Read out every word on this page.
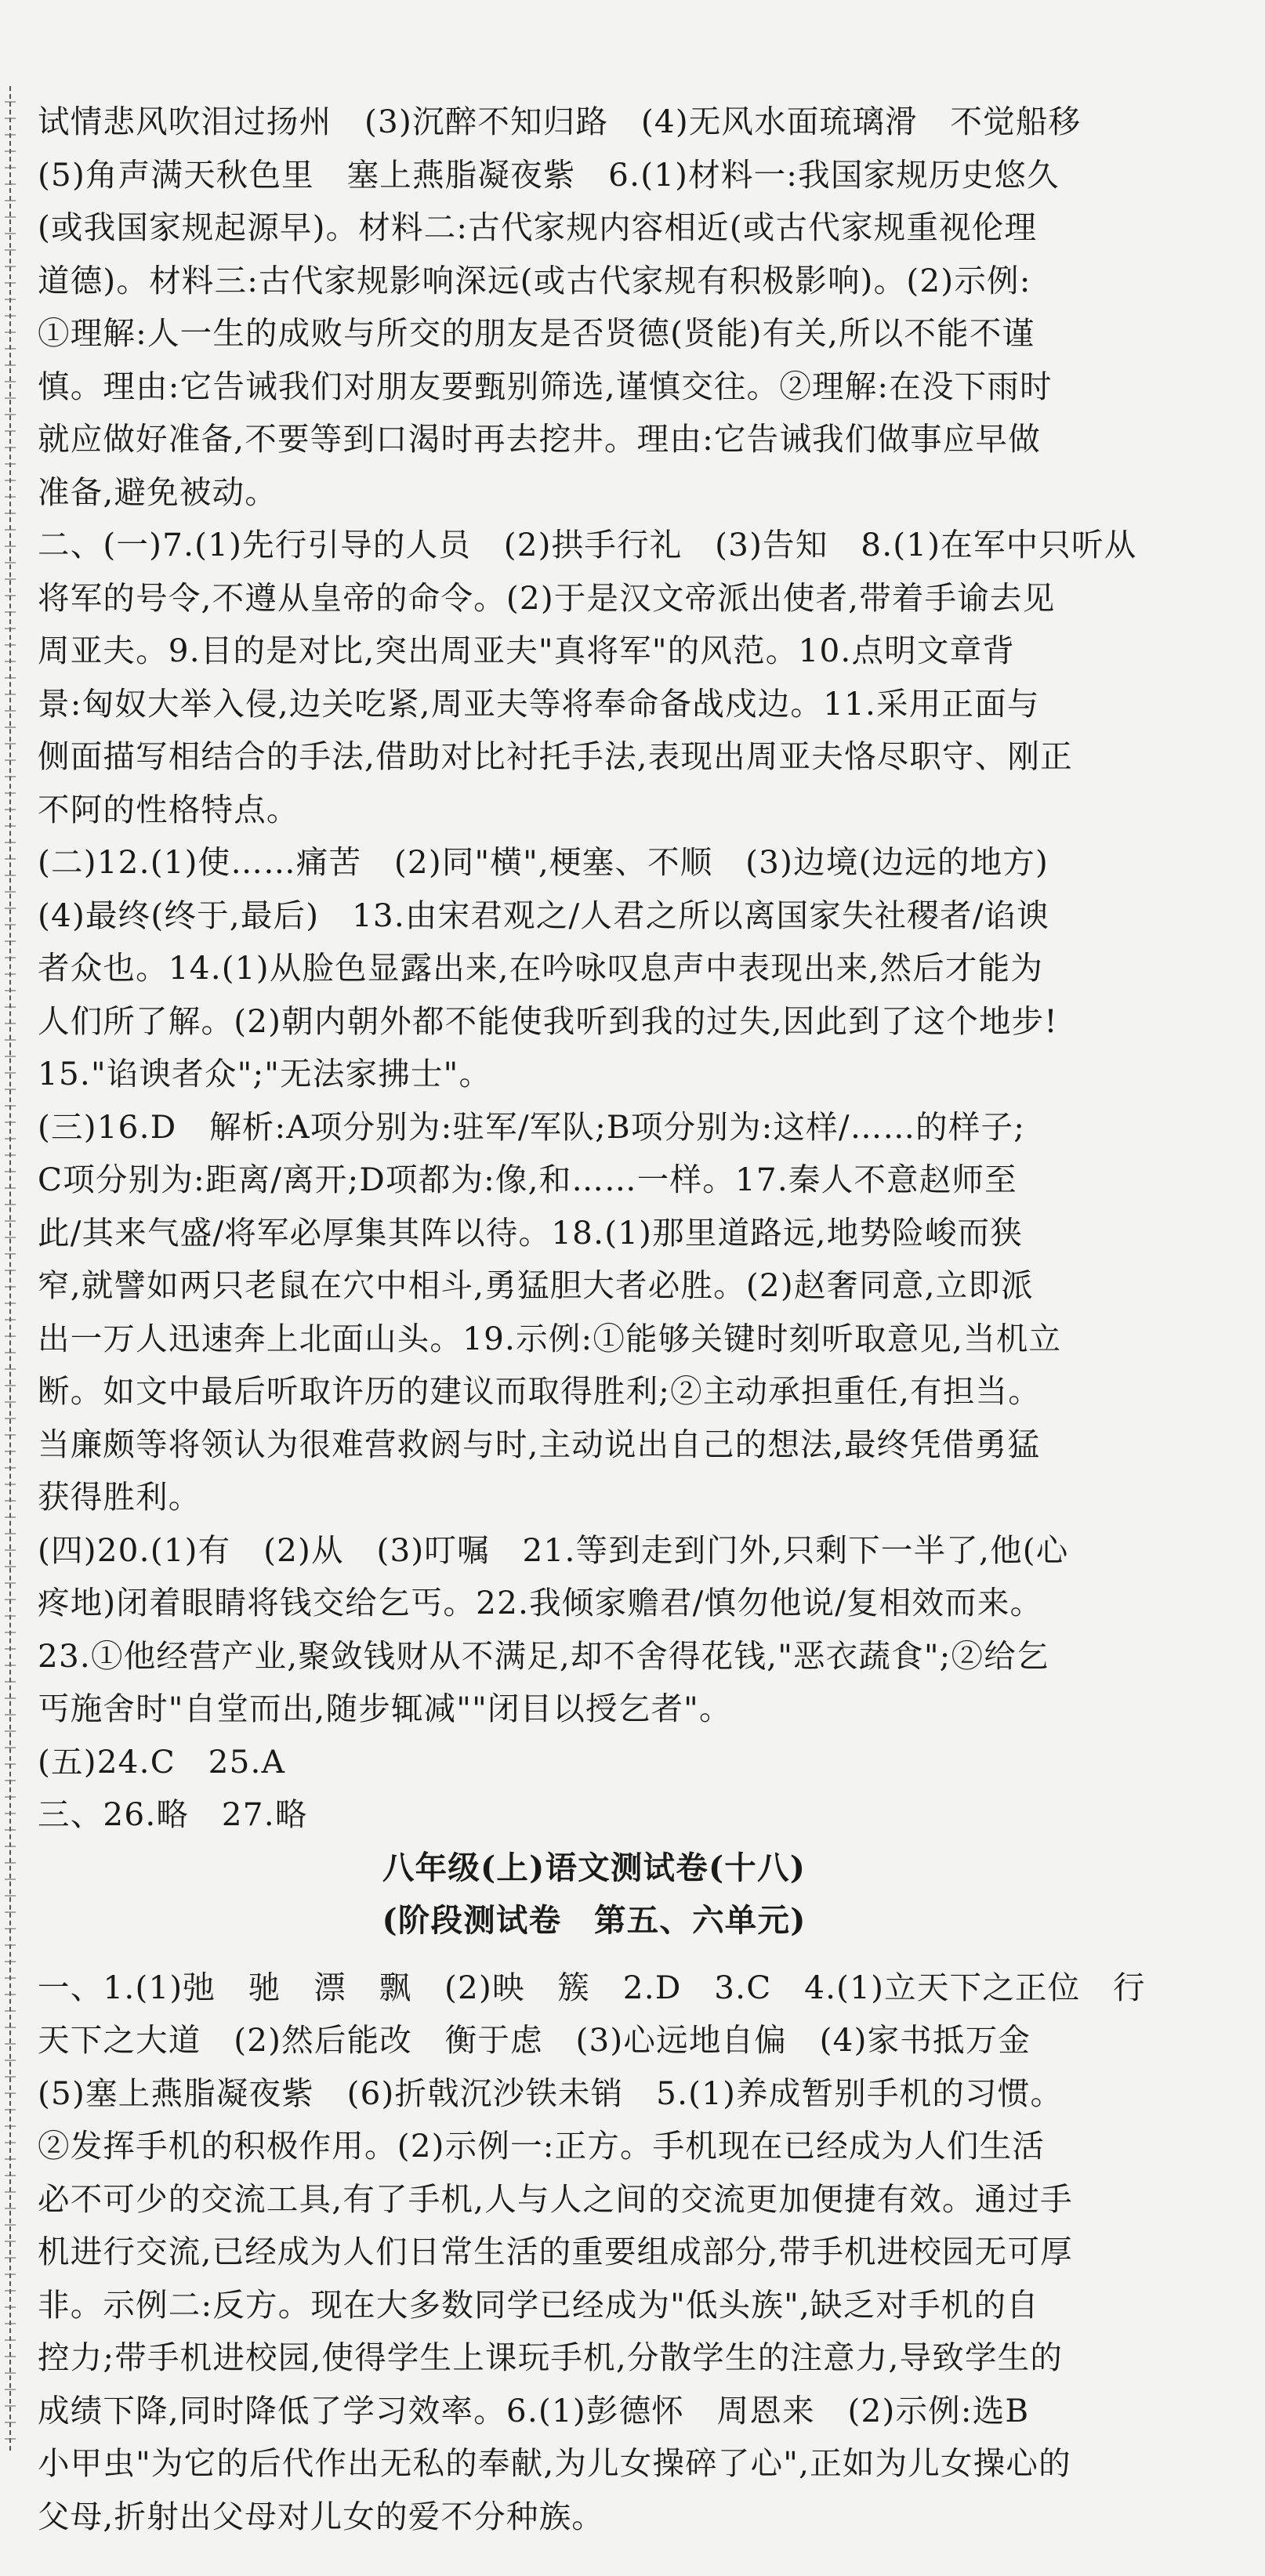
试情悲风吹泪过扬州　(3)沉醉不知归路　(4)无风水面琉璃滑　不觉船移
(5)角声满天秋色里　塞上燕脂凝夜紫　6.(1)材料一:我国家规历史悠久
(或我国家规起源早)。材料二:古代家规内容相近(或古代家规重视伦理
道德)。材料三:古代家规影响深远(或古代家规有积极影响)。(2)示例:
①理解:人一生的成败与所交的朋友是否贤德(贤能)有关,所以不能不谨
慎。理由:它告诫我们对朋友要甄别筛选,谨慎交往。②理解:在没下雨时
就应做好准备,不要等到口渴时再去挖井。理由:它告诫我们做事应早做
准备,避免被动。
二、(一)7.(1)先行引导的人员　(2)拱手行礼　(3)告知　8.(1)在军中只听从
将军的号令,不遵从皇帝的命令。(2)于是汉文帝派出使者,带着手谕去见
周亚夫。9.目的是对比,突出周亚夫"真将军"的风范。10.点明文章背
景:匈奴大举入侵,边关吃紧,周亚夫等将奉命备战戍边。11.采用正面与
侧面描写相结合的手法,借助对比衬托手法,表现出周亚夫恪尽职守、刚正
不阿的性格特点。
(二)12.(1)使……痛苦　(2)同"横",梗塞、不顺　(3)边境(边远的地方)
(4)最终(终于,最后)　13.由宋君观之/人君之所以离国家失社稷者/谄谀
者众也。14.(1)从脸色显露出来,在吟咏叹息声中表现出来,然后才能为
人们所了解。(2)朝内朝外都不能使我听到我的过失,因此到了这个地步!
15."谄谀者众";"无法家拂士"。
(三)16.D　解析:A项分别为:驻军/军队;B项分别为:这样/……的样子;
C项分别为:距离/离开;D项都为:像,和……一样。17.秦人不意赵师至
此/其来气盛/将军必厚集其阵以待。18.(1)那里道路远,地势险峻而狭
窄,就譬如两只老鼠在穴中相斗,勇猛胆大者必胜。(2)赵奢同意,立即派
出一万人迅速奔上北面山头。19.示例:①能够关键时刻听取意见,当机立
断。如文中最后听取许历的建议而取得胜利;②主动承担重任,有担当。
当廉颇等将领认为很难营救阏与时,主动说出自己的想法,最终凭借勇猛
获得胜利。
(四)20.(1)有　(2)从　(3)叮嘱　21.等到走到门外,只剩下一半了,他(心
疼地)闭着眼睛将钱交给乞丐。22.我倾家赡君/慎勿他说/复相效而来。
23.①他经营产业,聚敛钱财从不满足,却不舍得花钱,"恶衣蔬食";②给乞
丐施舍时"自堂而出,随步辄减""闭目以授乞者"。
(五)24.C　25.A
三、26.略　27.略
八年级(上)语文测试卷(十八)
(阶段测试卷　第五、六单元)
一、1.(1)弛　驰　漂　飘　(2)映　簇　2.D　3.C　4.(1)立天下之正位　行
天下之大道　(2)然后能改　衡于虑　(3)心远地自偏　(4)家书抵万金
(5)塞上燕脂凝夜紫　(6)折戟沉沙铁未销　5.(1)养成暂别手机的习惯。
②发挥手机的积极作用。(2)示例一:正方。手机现在已经成为人们生活
必不可少的交流工具,有了手机,人与人之间的交流更加便捷有效。通过手
机进行交流,已经成为人们日常生活的重要组成部分,带手机进校园无可厚
非。示例二:反方。现在大多数同学已经成为"低头族",缺乏对手机的自
控力;带手机进校园,使得学生上课玩手机,分散学生的注意力,导致学生的
成绩下降,同时降低了学习效率。6.(1)彭德怀　周恩来　(2)示例:选B
小甲虫"为它的后代作出无私的奉献,为儿女操碎了心",正如为儿女操心的
父母,折射出父母对儿女的爱不分种族。
